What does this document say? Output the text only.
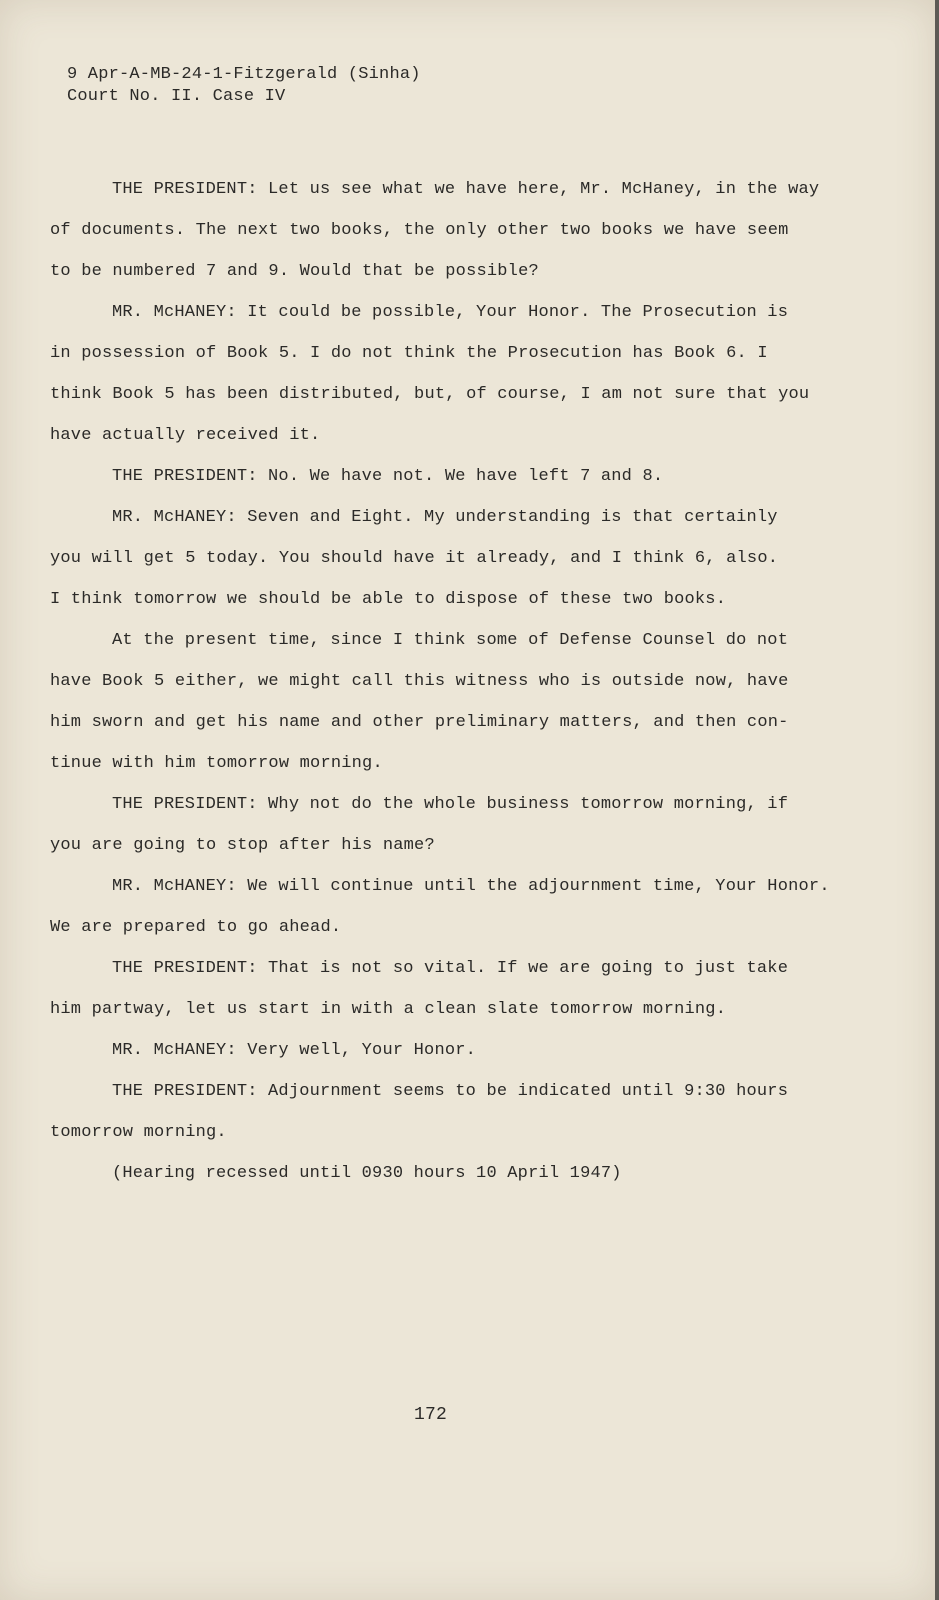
9 Apr-A-MB-24-1-Fitzgerald (Sinha)
Court No. II. Case IV
THE PRESIDENT: Let us see what we have here, Mr. McHaney, in the way
of documents. The next two books, the only other two books we have seem
to be numbered 7 and 9. Would that be possible?
MR. McHANEY: It could be possible, Your Honor. The Prosecution is
in possession of Book 5. I do not think the Prosecution has Book 6. I
think Book 5 has been distributed, but, of course, I am not sure that you
have actually received it.
THE PRESIDENT: No. We have not. We have left 7 and 8.
MR. McHANEY: Seven and Eight. My understanding is that certainly
you will get 5 today. You should have it already, and I think 6, also.
I think tomorrow we should be able to dispose of these two books.
At the present time, since I think some of Defense Counsel do not
have Book 5 either, we might call this witness who is outside now, have
him sworn and get his name and other preliminary matters, and then con-
tinue with him tomorrow morning.
THE PRESIDENT: Why not do the whole business tomorrow morning, if
you are going to stop after his name?
MR. McHANEY: We will continue until the adjournment time, Your Honor.
We are prepared to go ahead.
THE PRESIDENT: That is not so vital. If we are going to just take
him partway, let us start in with a clean slate tomorrow morning.
MR. McHANEY: Very well, Your Honor.
THE PRESIDENT: Adjournment seems to be indicated until 9:30 hours
tomorrow morning.
(Hearing recessed until 0930 hours 10 April 1947)
172
